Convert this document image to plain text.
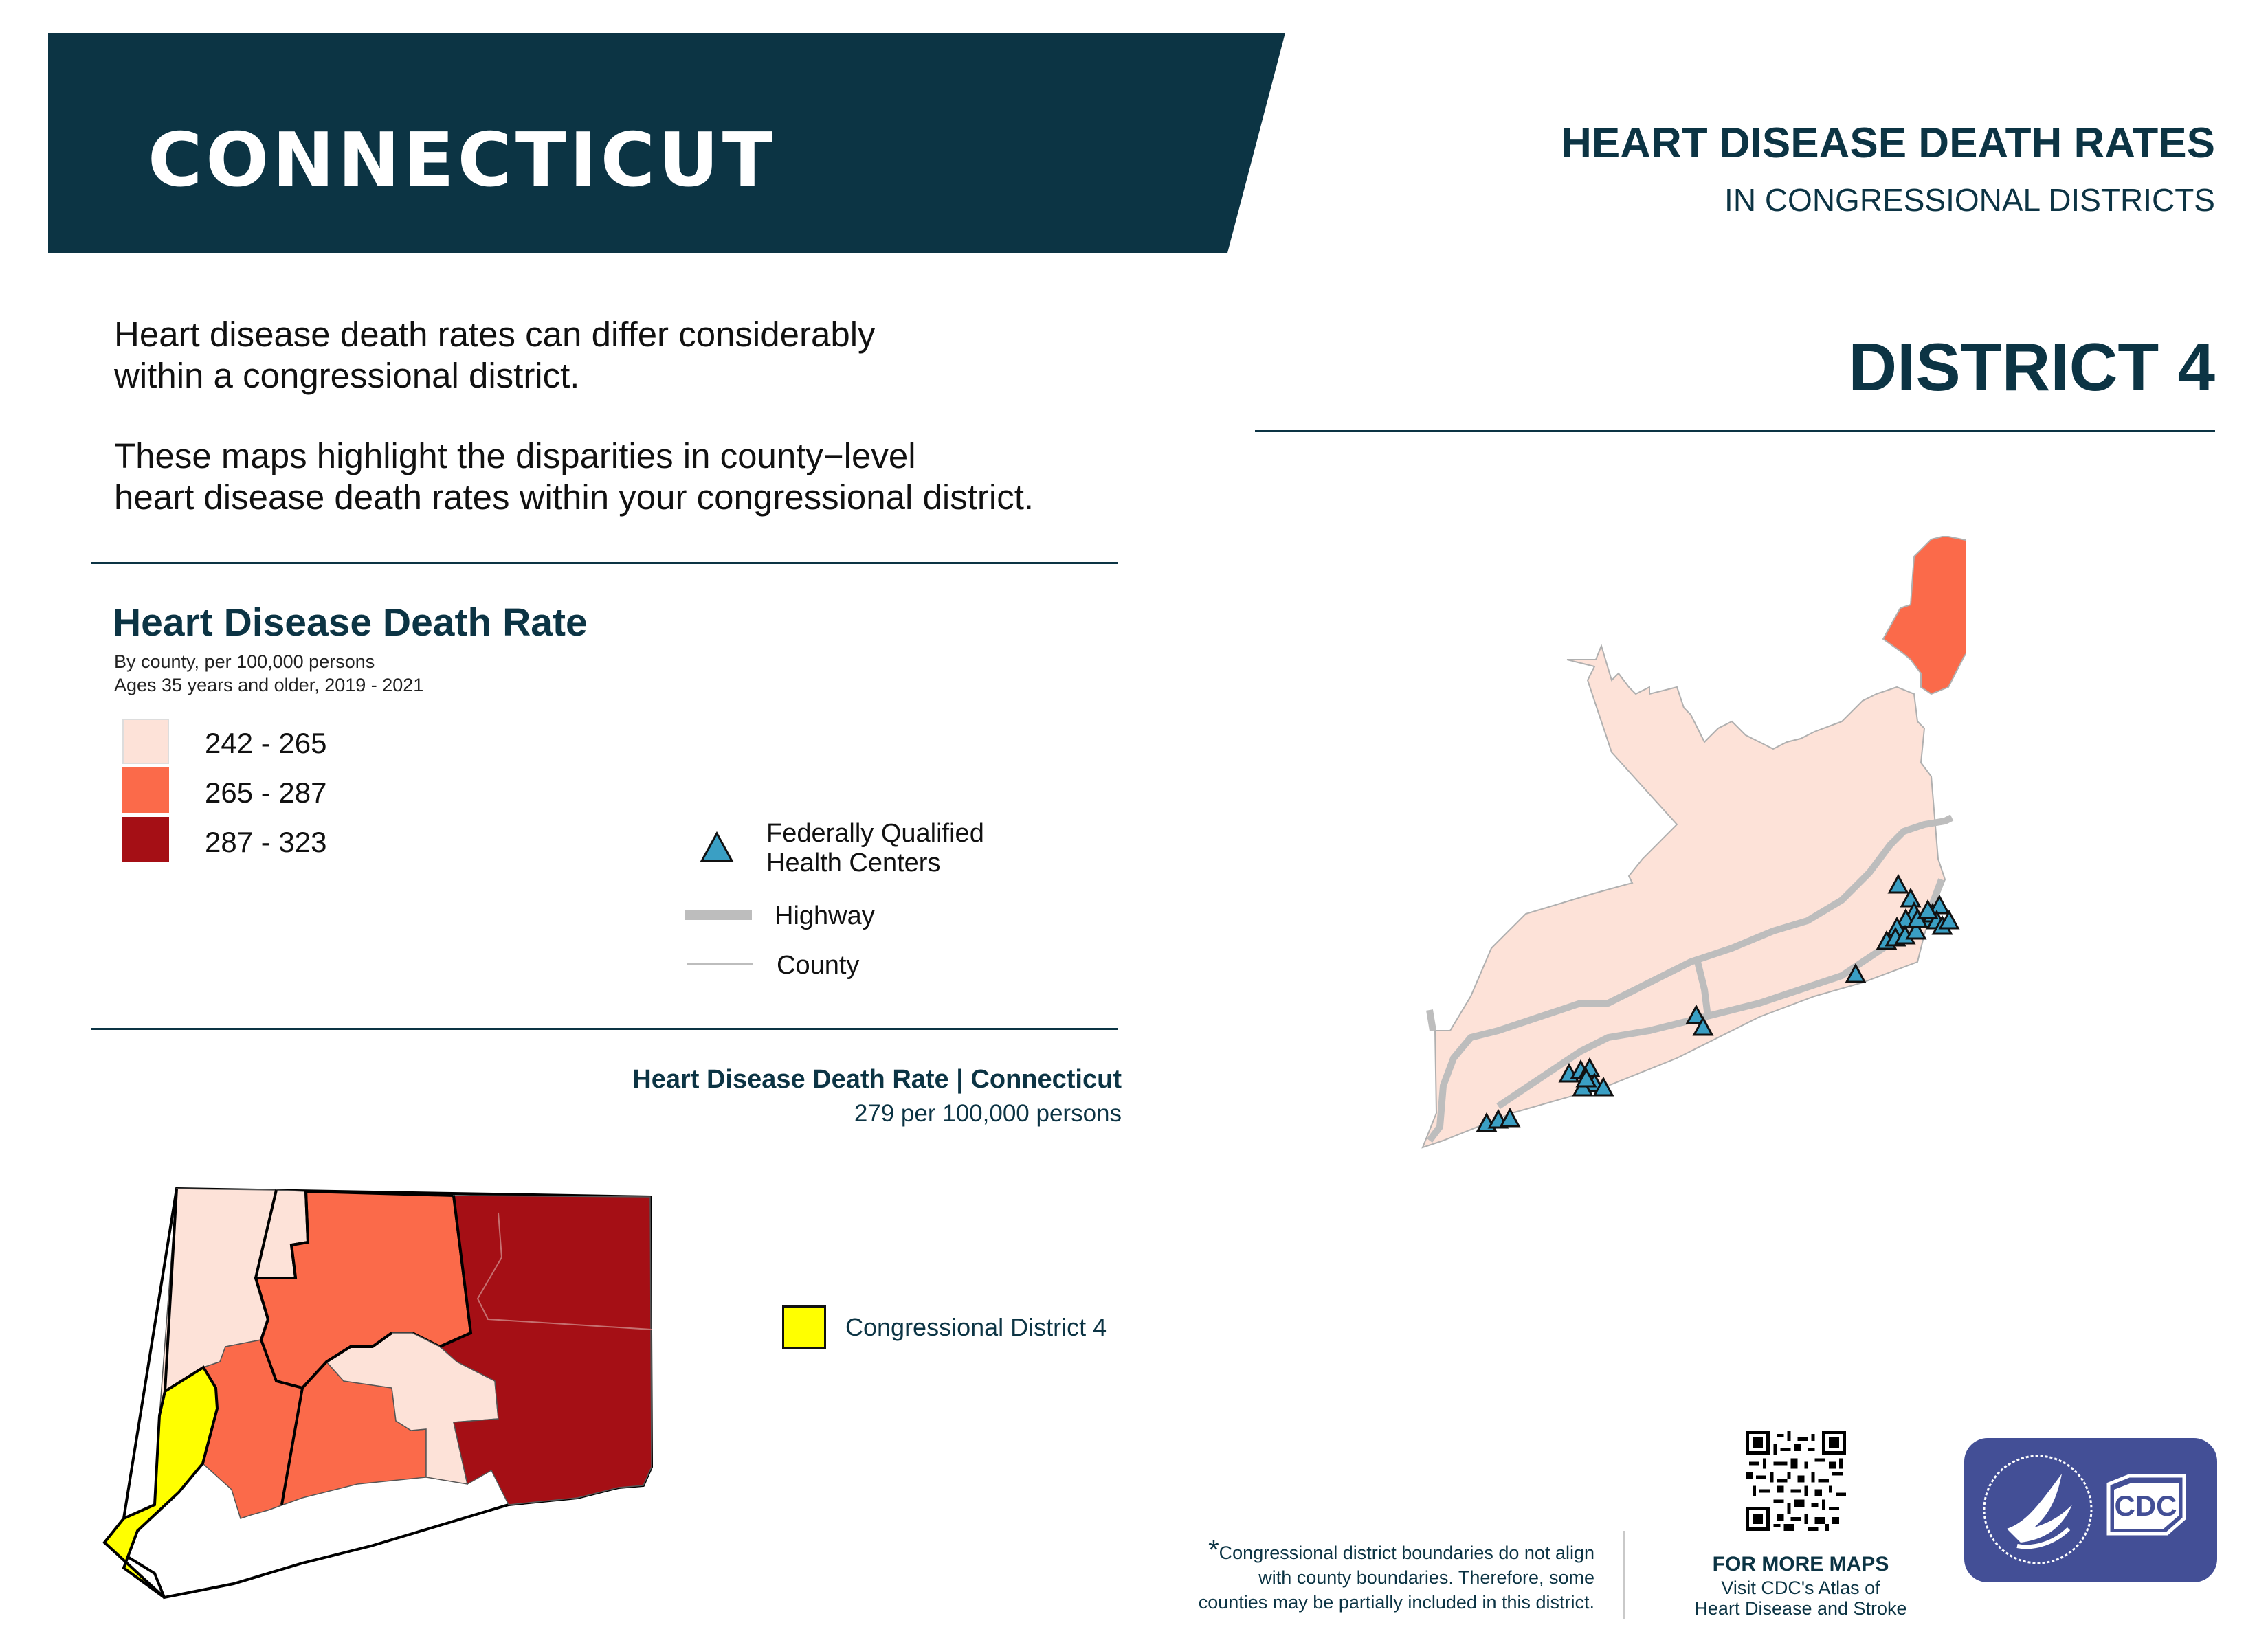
CONNECTICUT	HEART DISEASE DEATH RATES
IN CONGRESSIONAL DISTRICTS
DISTRICT 4
Heart disease death rates can differ considerably
within a congressional district.
These maps highlight the disparities in county−level
heart disease death rates within your congressional district.
Heart Disease Death Rate
By county, per 100,000 persons
Ages 35 years and older, 2019 - 2021
242 - 265
265 - 287
287 - 323	Federally Qualified
Health Centers
Highway
County
Heart Disease Death Rate | Connecticut
279 per 100,000 persons
Congressional District 4
*Congressional district boundaries do not align
with county boundaries. Therefore, some
counties may be partially included in this district.
FOR MORE MAPS
Visit CDC's Atlas of
Heart Disease and Stroke
CDC
